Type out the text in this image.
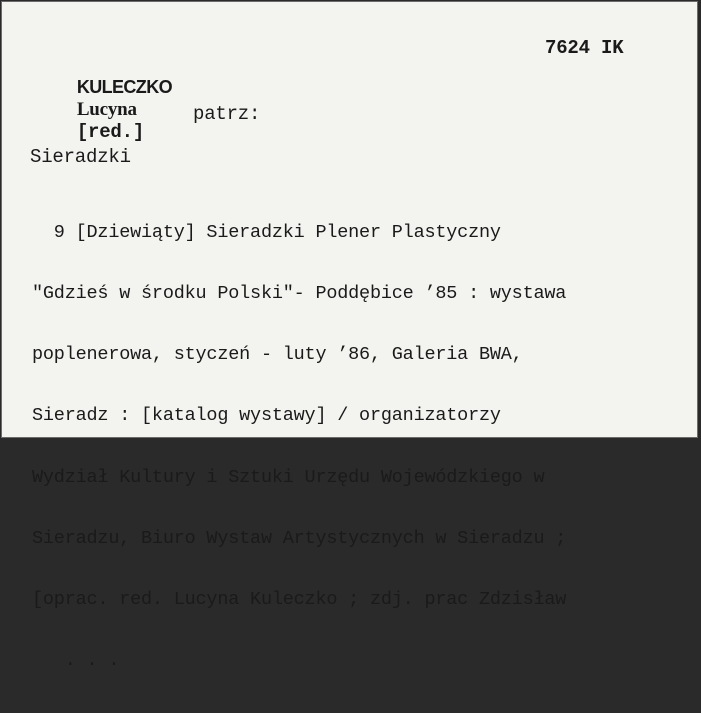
7624 IK

KULECZKO
Lucyna
[red.]

patrz:
Sieradzki

9 [Dziewiąty] Sieradzki Plener Plastyczny

"Gdzieś w środku Polski"- Poddębice ’85 : wystawa

poplenerowa, styczeń - luty ’86, Galeria BWA,

Sieradz : [katalog wystawy] / organizatorzy

Wydział Kultury i Sztuki Urzędu Wojewódzkiego w

Sieradzu, Biuro Wystaw Artystycznych w Sieradzu ;

[oprac. red. Lucyna Kuleczko ; zdj. prac Zdzisław

. . .
